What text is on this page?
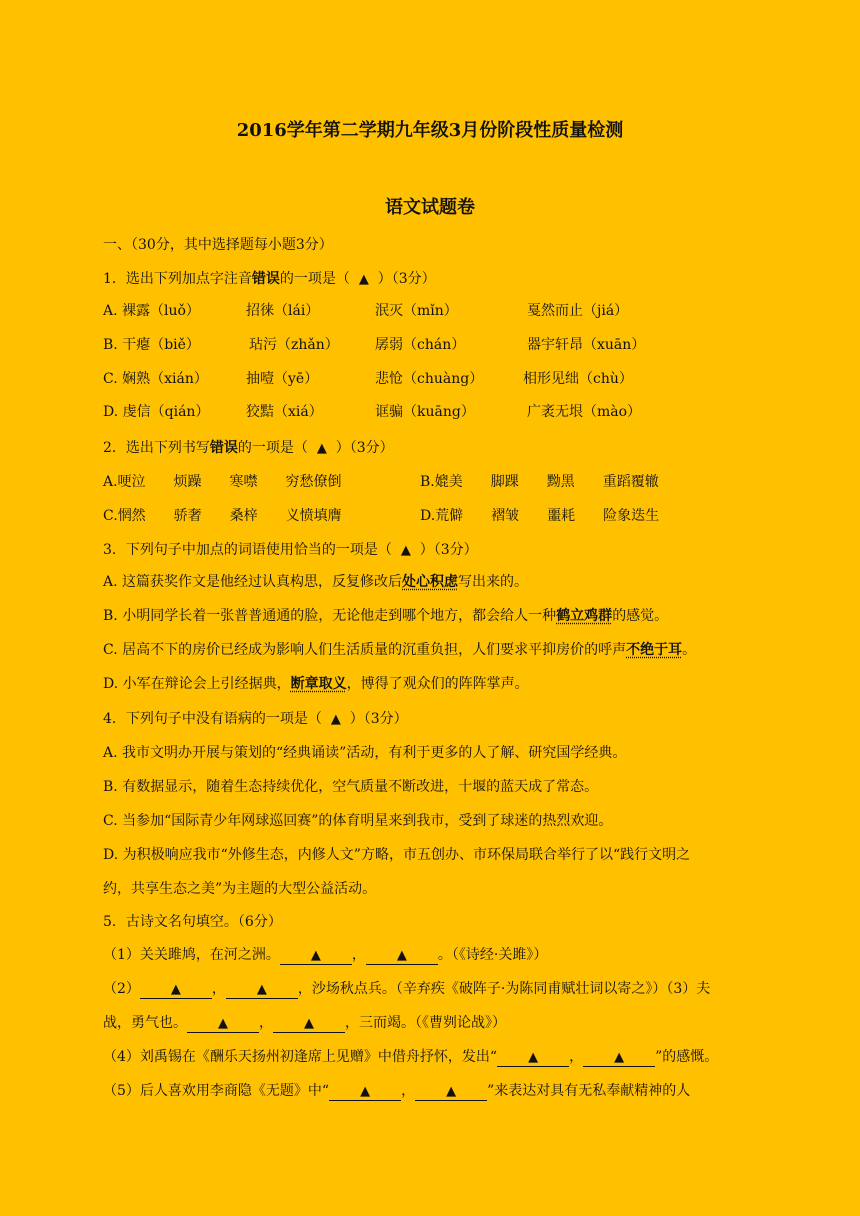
2016学年第二学期九年级3月份阶段性质量检测
语文试题卷
一、（30分，其中选择题每小题3分）
1．选出下列加点字注音错误的一项是（ ▲ ）（3分）
A. 裸露（luǒ）	招徕（lái）	泯灭（mǐn）	戛然而止（jiá）
B. 干瘪（biě）	玷污（zhǎn）	孱弱（chán）	器宇轩昂（xuān）
C. 娴熟（xián）	抽噎（yē）	悲怆（chuàng）	相形见绌（chù）
D. 虔信（qián）	狡黠（xiá）	诓骗（kuāng）	广袤无垠（mào）
2．选出下列书写错误的一项是（ ▲ ）（3分）
A.哽泣　　烦躁　　寒噤　　穷愁僚倒	B.媲美　　脚踝　　黝黑　　重蹈覆辙
C.惘然　　骄奢　　桑梓　　义愤填膺	D.荒僻　　褶皱　　噩耗　　险象迭生
3．下列句子中加点的词语使用恰当的一项是（ ▲ ）（3分）
A. 这篇获奖作文是他经过认真构思，反复修改后处心积虑写出来的。
B. 小明同学长着一张普普通通的脸，无论他走到哪个地方，都会给人一种鹤立鸡群的感觉。
C. 居高不下的房价已经成为影响人们生活质量的沉重负担，人们要求平抑房价的呼声不绝于耳。
D. 小军在辩论会上引经据典，断章取义，博得了观众们的阵阵掌声。
4．下列句子中没有语病的一项是（ ▲ ）（3分）
A. 我市文明办开展与策划的“经典诵读”活动，有利于更多的人了解、研究国学经典。
B. 有数据显示，随着生态持续优化，空气质量不断改进，十堰的蓝天成了常态。
C. 当参加“国际青少年网球巡回赛”的体育明星来到我市，受到了球迷的热烈欢迎。
D. 为积极响应我市“外修生态，内修人文”方略，市五创办、市环保局联合举行了以“践行文明之
约，共享生态之美”为主题的大型公益活动。
5．古诗文名句填空。（6分）
（1）关关雎鸠，在河之洲。 ▲ ， ▲ 。（《诗经·关雎》）
（2） ▲ ， ▲ ，沙场秋点兵。（辛弃疾《破阵子·为陈同甫赋壮词以寄之》）（3）夫
战，勇气也。 ▲ ， ▲ ，三而竭。（《曹刿论战》）
（4）刘禹锡在《酬乐天扬州初逢席上见赠》中借舟抒怀，发出“ ▲ ， ▲ ”的感慨。
（5）后人喜欢用李商隐《无题》中“ ▲ ， ▲ ”来表达对具有无私奉献精神的人
